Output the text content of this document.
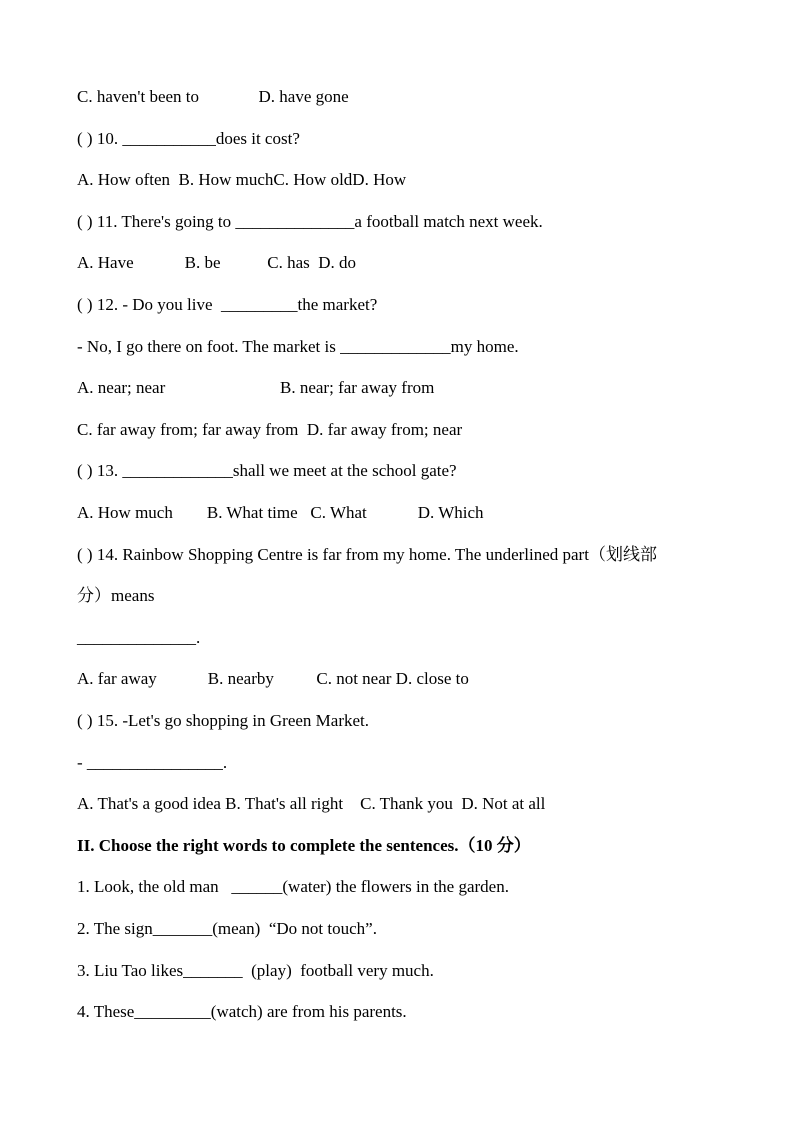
C. haven't been to              D. have gone
( ) 10. ___________does it cost?
A. How often  B. How muchC. How oldD. How
( ) 11. There's going to ______________a football match next week.
A. Have            B. be           C. has  D. do
( ) 12. - Do you live  _________the market?
- No, I go there on foot. The market is _____________my home.
A. near; near                           B. near; far away from
C. far away from; far away from  D. far away from; near
( ) 13. _____________shall we meet at the school gate?
A. How much        B. What time   C. What            D. Which
( ) 14. Rainbow Shopping Centre is far from my home. The underlined part（划线部
分）means
______________.
A. far away            B. nearby          C. not near D. close to
( ) 15. -Let's go shopping in Green Market.
- ________________.
A. That's a good idea B. That's all right    C. Thank you  D. Not at all
II. Choose the right words to complete the sentences.（10 分）
1. Look, the old man   ______(water) the flowers in the garden.
2. The sign_______(mean)  “Do not touch”.
3. Liu Tao likes_______  (play)  football very much.
4. These_________(watch) are from his parents.
